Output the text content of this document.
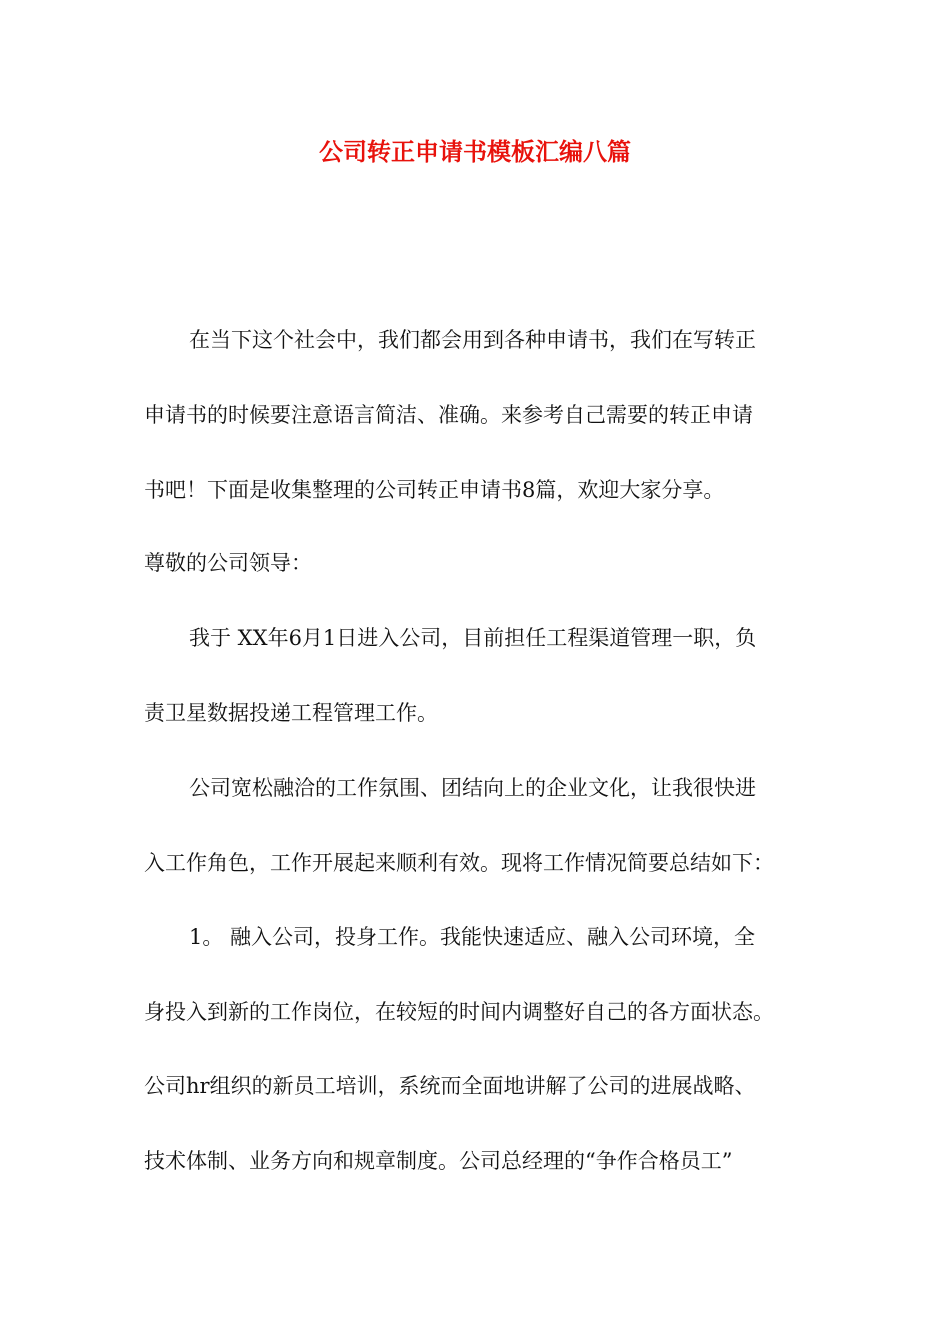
公司转正申请书模板汇编八篇
在当下这个社会中，我们都会用到各种申请书，我们在写转正
申请书的时候要注意语言简洁、准确。来参考自己需要的转正申请
书吧！下面是收集整理的公司转正申请书8篇，欢迎大家分享。
尊敬的公司领导：
我于 XX年6月1日进入公司，目前担任工程渠道管理一职，负
责卫星数据投递工程管理工作。
公司宽松融洽的工作氛围、团结向上的企业文化，让我很快进
入工作角色，工作开展起来顺利有效。现将工作情况简要总结如下：
1。 融入公司，投身工作。我能快速适应、融入公司环境，全
身投入到新的工作岗位，在较短的时间内调整好自己的各方面状态。
公司hr组织的新员工培训，系统而全面地讲解了公司的进展战略、
技术体制、业务方向和规章制度。公司总经理的“争作合格员工”
